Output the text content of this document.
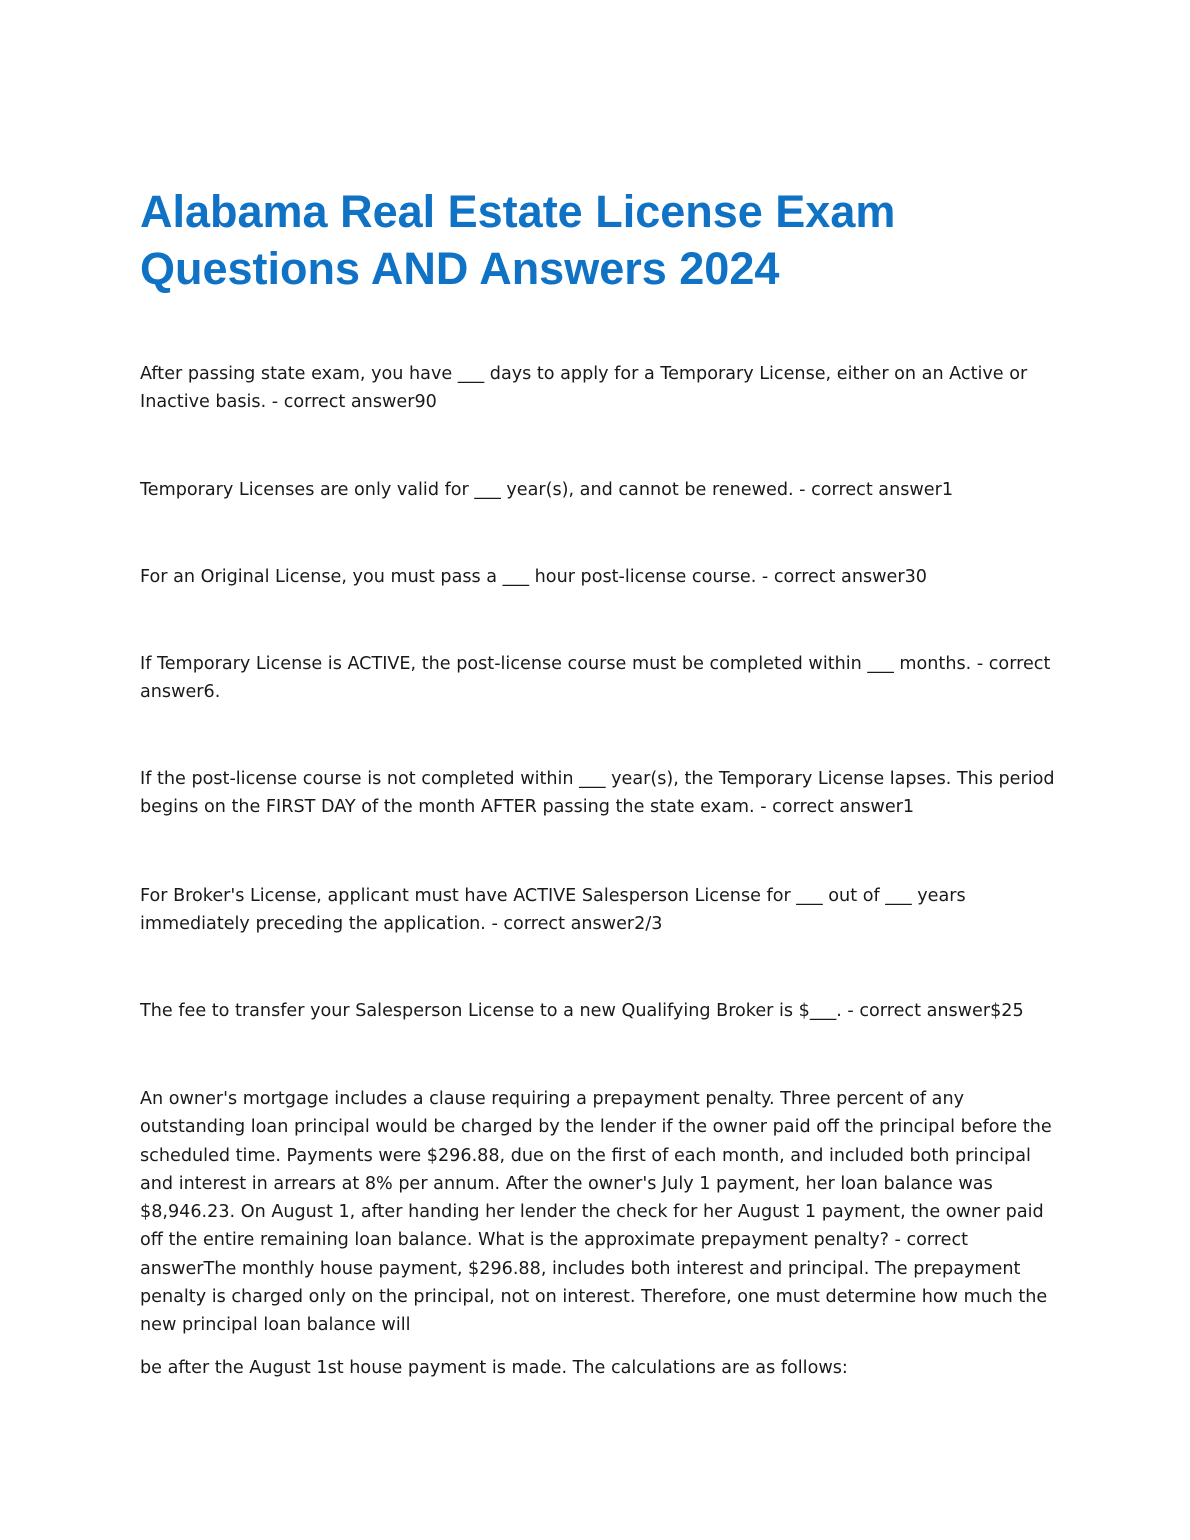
Alabama Real Estate License Exam Questions AND Answers 2024

After passing state exam, you have ___ days to apply for a Temporary License, either on an Active or Inactive basis. - correct answer90

Temporary Licenses are only valid for ___ year(s), and cannot be renewed. - correct answer1

For an Original License, you must pass a ___ hour post-license course. - correct answer30

If Temporary License is ACTIVE, the post-license course must be completed within ___ months. - correct answer6.

If the post-license course is not completed within ___ year(s), the Temporary License lapses. This period begins on the FIRST DAY of the month AFTER passing the state exam. - correct answer1

For Broker's License, applicant must have ACTIVE Salesperson License for ___ out of ___ years immediately preceding the application. - correct answer2/3

The fee to transfer your Salesperson License to a new Qualifying Broker is $___. - correct answer$25

An owner's mortgage includes a clause requiring a prepayment penalty. Three percent of any outstanding loan principal would be charged by the lender if the owner paid off the principal before the scheduled time. Payments were $296.88, due on the first of each month, and included both principal and interest in arrears at 8% per annum. After the owner's July 1 payment, her loan balance was $8,946.23. On August 1, after handing her lender the check for her August 1 payment, the owner paid off the entire remaining loan balance. What is the approximate prepayment penalty? - correct answerThe monthly house payment, $296.88, includes both interest and principal. The prepayment penalty is charged only on the principal, not on interest. Therefore, one must determine how much the new principal loan balance will

be after the August 1st house payment is made. The calculations are as follows:
